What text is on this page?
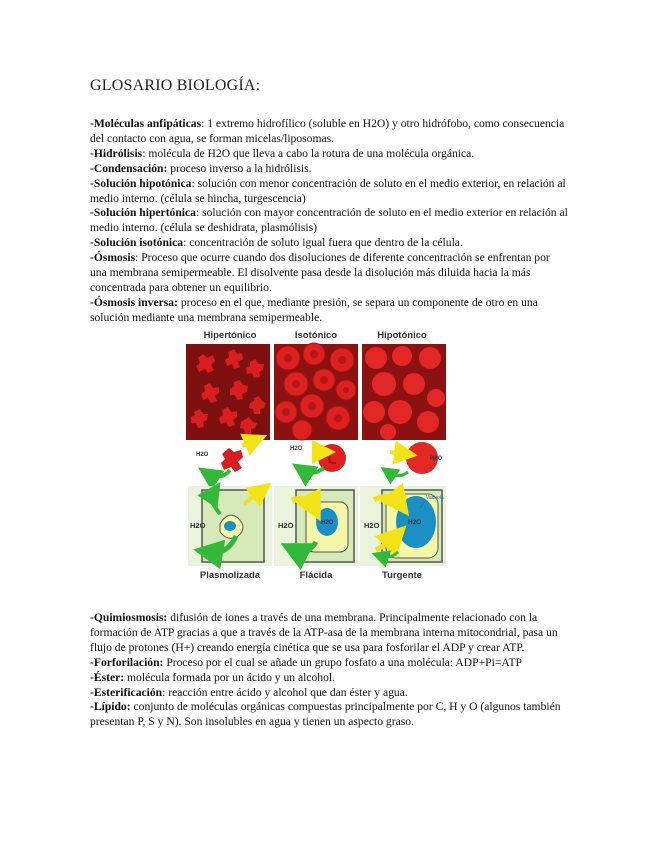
GLOSARIO BIOLOGÍA:

-Moléculas anfipáticas: 1 extremo hidrofílico (soluble en H2O) y otro hidrófobo, como consecuencia del contacto con agua, se forman micelas/liposomas.

-Hidrólisis: molécula de H2O que lleva a cabo la rotura de una molécula orgánica.

-Condensación: proceso inverso a la hidrólisis.

-Solución hipotónica: solución con menor concentración de soluto en el medio exterior, en relación al medio interno. (célula se hincha, turgescencia)

-Solución hipertónica: solución con mayor concentración de soluto en el medio exterior en relación al medio interno. (célula se deshidrata, plasmólisis)

-Solución isotónica: concentración de soluto igual fuera que dentro de la célula.

-Ósmosis: Proceso que ocurre cuando dos disoluciones de diferente concentración se enfrentan por una membrana semipermeable. El disolvente pasa desde la disolución más diluida hacia la más concentrada para obtener un equilibrio.

-Ósmosis inversa: proceso en el que, mediante presión, se separa un componente de otro en una solución mediante una membrana semipermeable.

Hipertónico	Isotónico	Hipotónico
H2O
H2O
H2O
H2O	H2O
H2O	H2O
Vacuola
H2O
Plasmolizada	Flácida	Turgente

-Quimiosmosis: difusión de iones a través de una membrana. Principalmente relacionado con la formación de ATP gracias a que a través de la ATP-asa de la membrana interna mitocondrial, pasa un flujo de protones (H+) creando energía cinética que se usa para fosforilar el ADP y crear ATP.

-Forforilación: Proceso por el cual se añade un grupo fosfato a una molécula: ADP+Pi=ATP

-Éster: molécula formada por un ácido y un alcohol.

-Esterificación: reacción entre ácido y alcohol que dan éster y agua.

-Lípido: conjunto de moléculas orgánicas compuestas principalmente por C, H y O (algunos también presentan P, S y N). Son insolubles en agua y tienen un aspecto graso.
